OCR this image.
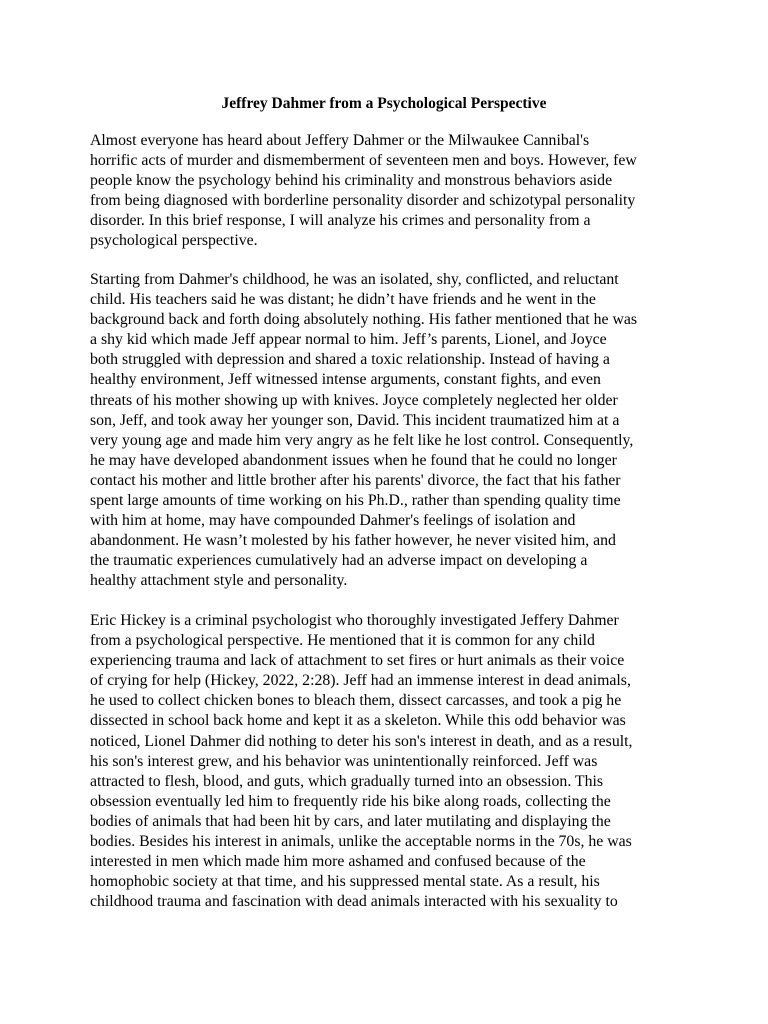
Jeffrey Dahmer from a Psychological Perspective

Almost everyone has heard about Jeffery Dahmer or the Milwaukee Cannibal's
horrific acts of murder and dismemberment of seventeen men and boys. However, few
people know the psychology behind his criminality and monstrous behaviors aside
from being diagnosed with borderline personality disorder and schizotypal personality
disorder. In this brief response, I will analyze his crimes and personality from a
psychological perspective.

Starting from Dahmer's childhood, he was an isolated, shy, conflicted, and reluctant
child. His teachers said he was distant; he didn’t have friends and he went in the
background back and forth doing absolutely nothing. His father mentioned that he was
a shy kid which made Jeff appear normal to him. Jeff’s parents, Lionel, and Joyce
both struggled with depression and shared a toxic relationship. Instead of having a
healthy environment, Jeff witnessed intense arguments, constant fights, and even
threats of his mother showing up with knives. Joyce completely neglected her older
son, Jeff, and took away her younger son, David. This incident traumatized him at a
very young age and made him very angry as he felt like he lost control. Consequently,
he may have developed abandonment issues when he found that he could no longer
contact his mother and little brother after his parents' divorce, the fact that his father
spent large amounts of time working on his Ph.D., rather than spending quality time
with him at home, may have compounded Dahmer's feelings of isolation and
abandonment. He wasn’t molested by his father however, he never visited him, and
the traumatic experiences cumulatively had an adverse impact on developing a
healthy attachment style and personality.

Eric Hickey is a criminal psychologist who thoroughly investigated Jeffery Dahmer
from a psychological perspective. He mentioned that it is common for any child
experiencing trauma and lack of attachment to set fires or hurt animals as their voice
of crying for help (Hickey, 2022, 2:28). Jeff had an immense interest in dead animals,
he used to collect chicken bones to bleach them, dissect carcasses, and took a pig he
dissected in school back home and kept it as a skeleton. While this odd behavior was
noticed, Lionel Dahmer did nothing to deter his son's interest in death, and as a result,
his son's interest grew, and his behavior was unintentionally reinforced. Jeff was
attracted to flesh, blood, and guts, which gradually turned into an obsession. This
obsession eventually led him to frequently ride his bike along roads, collecting the
bodies of animals that had been hit by cars, and later mutilating and displaying the
bodies. Besides his interest in animals, unlike the acceptable norms in the 70s, he was
interested in men which made him more ashamed and confused because of the
homophobic society at that time, and his suppressed mental state. As a result, his
childhood trauma and fascination with dead animals interacted with his sexuality to
